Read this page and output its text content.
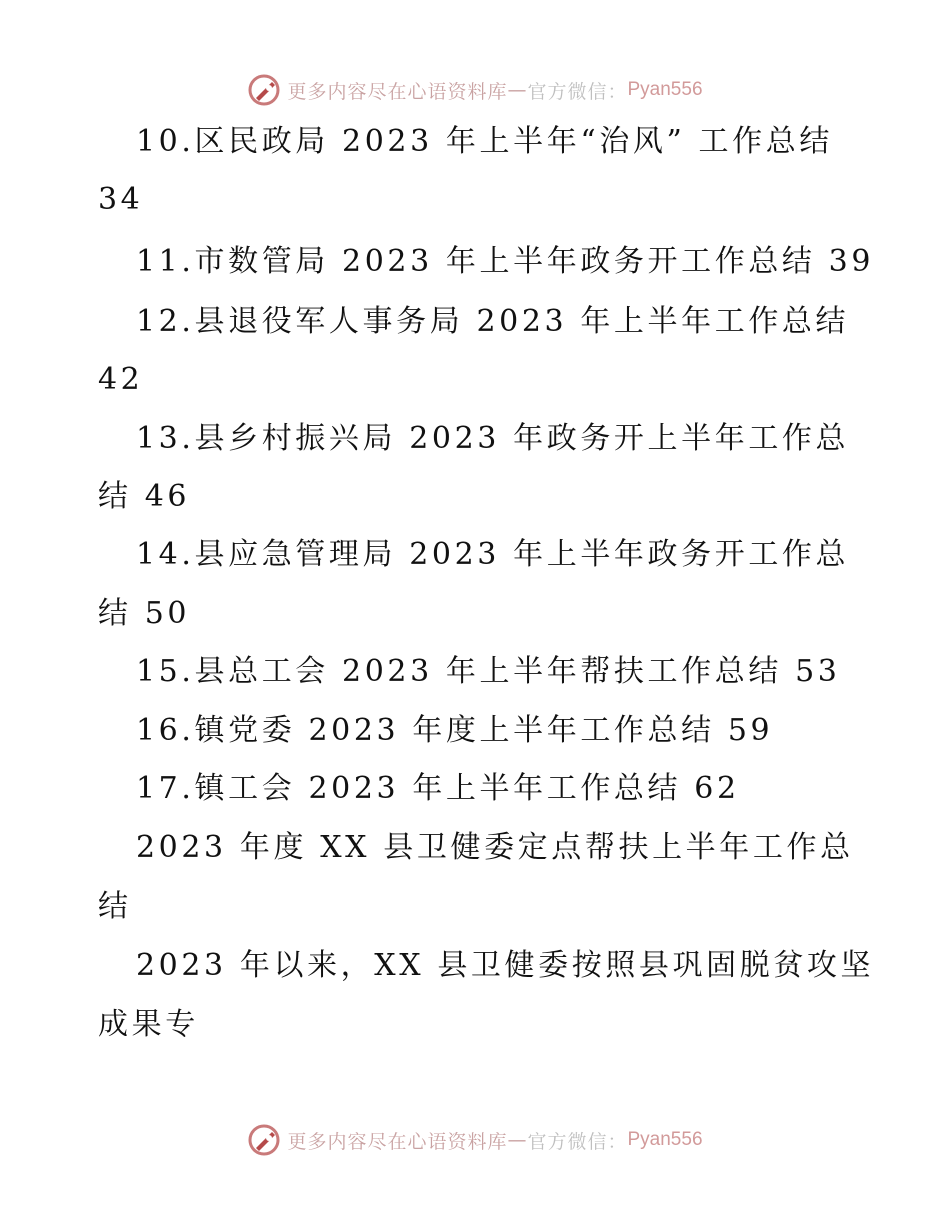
更多内容尽在心语资料库 — 官方微信： Pyan556
10.区民政局 2023 年上半年“治风” 工作总结
34
11.市数管局 2023 年上半年政务开工作总结 39
12.县退役军人事务局 2023 年上半年工作总结
42
13.县乡村振兴局 2023 年政务开上半年工作总
结 46
14.县应急管理局 2023 年上半年政务开工作总
结 50
15.县总工会 2023 年上半年帮扶工作总结 53
16.镇党委 2023 年度上半年工作总结 59
17.镇工会 2023 年上半年工作总结 62
2023 年度 XX 县卫健委定点帮扶上半年工作总
结
2023 年以来，XX 县卫健委按照县巩固脱贫攻坚
成果专
更多内容尽在心语资料库 — 官方微信： Pyan556
